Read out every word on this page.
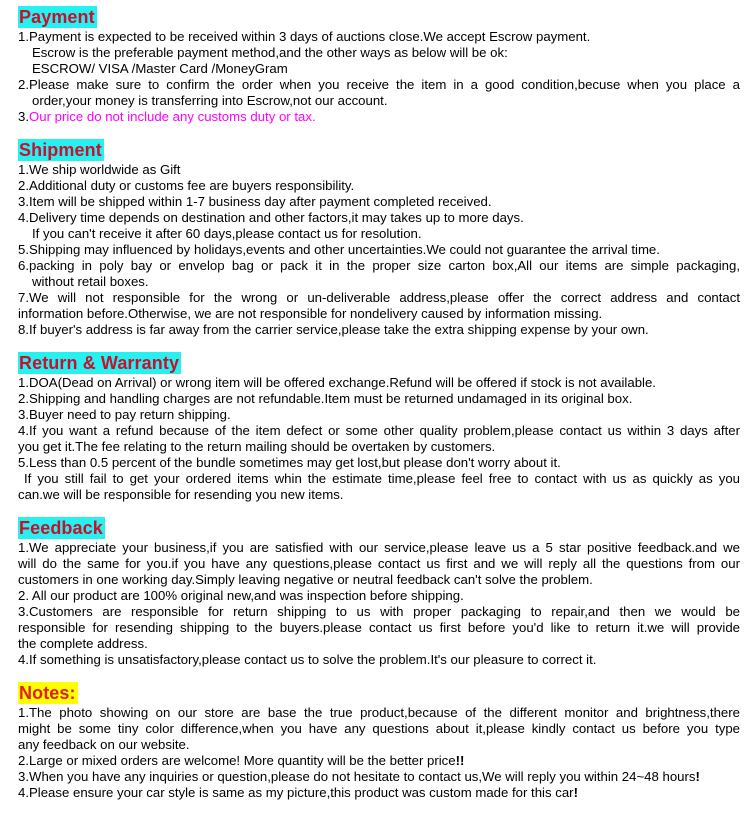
Payment
1.Payment is expected to be received within 3 days of auctions close.We accept Escrow payment.
Escrow is the preferable payment method,and the other ways as below will be ok:
ESCROW/ VISA /Master Card /MoneyGram
2.Please make sure to confirm the order when you receive the item in a good condition,becuse when you place a
order,your money is transferring into Escrow,not our account.
3.Our price do not include any customs duty or tax.
Shipment
1.We ship worldwide as Gift
2.Additional duty or customs fee are buyers responsibility.
3.Item will be shipped within 1-7 business day after payment completed received.
4.Delivery time depends on destination and other factors,it may takes up to more days.
If you can't receive it after 60 days,please contact us for resolution.
5.Shipping may influenced by holidays,events and other uncertainties.We could not guarantee the arrival time.
6.packing in poly bay or envelop bag or pack it in the proper size carton box,All our items are simple packaging,
without retail boxes.
7.We will not responsible for the wrong or un-deliverable address,please offer the correct address and contact
information before.Otherwise, we are not responsible for nondelivery caused by information missing.
8.If buyer's address is far away from the carrier service,please take the extra shipping expense by your own.
Return & Warranty
1.DOA(Dead on Arrival) or wrong item will be offered exchange.Refund will be offered if stock is not available.
2.Shipping and handling charges are not refundable.Item must be returned undamaged in its original box.
3.Buyer need to pay return shipping.
4.If you want a refund because of the item defect or some other quality problem,please contact us within 3 days after
you get it.The fee relating to the return mailing should be overtaken by customers.
5.Less than 0.5 percent of the bundle sometimes may get lost,but please don't worry about it.
If you still fail to get your ordered items whin the estimate time,please feel free to contact with us as quickly as you
can.we will be responsible for resending you new items.
Feedback
1.We appreciate your business,if you are satisfied with our service,please leave us a 5 star positive feedback.and we
will do the same for you.if you have any questions,please contact us first and we will reply all the questions from our
customers in one working day.Simply leaving negative or neutral feedback can't solve the problem.
2. All our product are 100% original new,and was inspection before shipping.
3.Customers are responsible for return shipping to us with proper packaging to repair,and then we would be
responsible for resending shipping to the buyers.please contact us first before you'd like to return it.we will provide
the complete address.
4.If something is unsatisfactory,please contact us to solve the problem.It's our pleasure to correct it.
Notes:
1.The photo showing on our store are base the true product,because of the different monitor and brightness,there
might be some tiny color difference,when you have any questions about it,please kindly contact us before you type
any feedback on our website.
2.Large or mixed orders are welcome! More quantity will be the better price!!
3.When you have any inquiries or question,please do not hesitate to contact us,We will reply you within 24~48 hours!
4.Please ensure your car style is same as my picture,this product was custom made for this car!
